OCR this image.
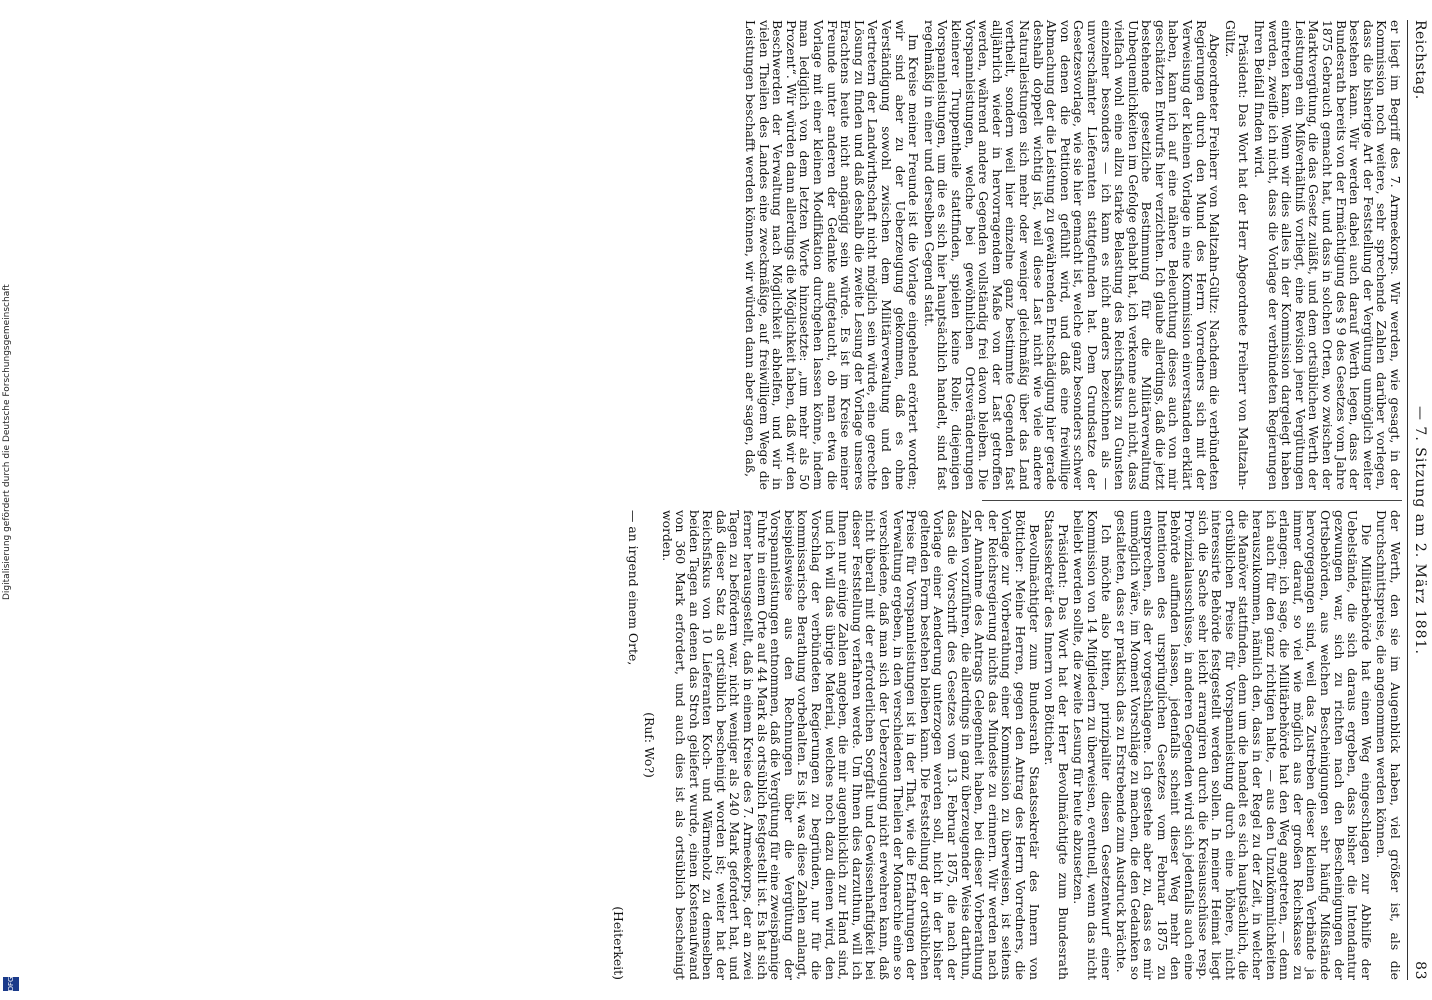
Digitalisierung gefördert durch die Deutsche Forschungsgemeinschaft
DFG
Reichstag.
— 7. Sitzung am 2. März 1881.
83

er liegt im Begriff des 7. Armeekorps. Wir werden, wie gesagt, in der Kommission noch weitere, sehr sprechende Zahlen darüber vorlegen, dass die bisherige Art der Feststellung der Vergütung unmöglich weiter bestehen kann. Wir werden dabei auch darauf Werth legen, dass der Bundesrath bereits von der Ermächtigung des § 9 des Gesetzes vom Jahre 1875 Gebrauch gemacht hat, und dass in solchen Orten, wo zwischen der Marktvergütung, die das Gesetz zuläßt, und dem ortsüblichen Werth der Leistungen ein Mißverhältniß vorliegt, eine Revision jener Vergütungen eintreten kann. Wenn wir dies alles in der Kommission dargelegt haben werden, zweifle ich nicht, dass die Vorlage der verbündeten Regierungen Ihren Beifall finden wird.

Präsident: Das Wort hat der Herr Abgeordnete Freiherr von Maltzahn-Gültz.

Abgeordneter Freiherr von Maltzahn-Gültz: Nachdem die verbündeten Regierungen durch den Mund des Herrn Vorredners sich mit der Verweisung der kleinen Vorlage in eine Kommission einverstanden erklärt haben, kann ich auf eine nähere Beleuchtung dieses auch von mir geschätzten Entwurfs hier verzichten. Ich glaube allerdings, daß die jetzt bestehende gesetzliche Bestimmung für die Militärverwaltung Unbequemlichkeiten im Gefolge gehabt hat, ich verkenne auch nicht, dass vielfach wohl eine allzu starke Belastung des Reichsfiskus zu Gunsten einzelner besonders — ich kann es nicht anders bezeichnen als — unverschämter Lieferanten stattgefunden hat. Dem Grundsatze der Gesetzesvorlage, wie sie hier gemacht ist, welche ganz besonders schwer von denen die Petitionen gefühlt wird, und daß eine freiwillige Abmachung der die Leistung zu gewährenden Entschädigung hier gerade deshalb doppelt wichtig ist, weil diese Last nicht wie viele andere Naturalleistungen sich mehr oder weniger gleichmäßig über das Land vertheilt, sondern weil hier einzelne ganz bestimmte Gegenden fast alljährlich wieder in hervorragendem Maße von der Last getroffen werden, während andere Gegenden vollständig frei davon bleiben. Die Vorspannleistungen, welche bei gewöhnlichen Ortsveränderungen kleinerer Truppentheile stattfinden, spielen keine Rolle; diejenigen Vorspannleistungen, um die es sich hier hauptsächlich handelt, sind fast regelmäßig in einer und derselben Gegend statt.

Im Kreise meiner Freunde ist die Vorlage eingehend erörtert worden; wir sind aber zu der Ueberzeugung gekommen, daß es ohne Verständigung sowohl zwischen dem Militärverwaltung und den Vertretern der Landwirthschaft nicht möglich sein würde, eine gerechte Lösung zu finden und daß deshalb die zweite Lesung der Vorlage unseres Erachtens heute nicht angängig sein würde. Es ist im Kreise meiner Freunde unter anderen der Gedanke aufgetaucht, ob man etwa die Vorlage mit einer kleinen Modifikation durchgehen lassen könne, indem man lediglich von dem letzten Worte hinzusetzte: „um mehr als 50 Prozent“. Wir würden dann allerdings die Möglichkeit haben, daß wir den Beschwerden der Verwaltung nach Möglichkeit abhelfen, und wir in vielen Theilen des Landes eine zweckmäßige, auf freiwilligem Wege die Leistungen beschafft werden können, wir würden dann aber sagen, daß,

der Werth, den sie im Augenblick haben, viel größer ist, als die Durchschnittspreise, die angenommen werden können.

Die Militärbehörde hat einen Weg eingeschlagen zur Abhilfe der Uebelstände, die sich daraus ergeben, dass bisher die Intendantur gezwungen war, sich zu richten nach den Bescheinigungen der Ortsbehörden, aus welchen Bescheinigungen sehr häufig Mißstände hervorgegangen sind, weil das Zustreben dieser kleinen Verbände ja immer darauf, so viel wie möglich aus der großen Reichskasse zu erlangen; ich sage, die Militärbehörde hat den Weg angetreten, — denn ich auch für den ganz richtigen halte, — aus den Unzukömmlichkeiten herauszukommen, nämlich den, dass in der Regel zu der Zeit, in welcher die Manöver stattfinden, denn um die handelt es sich hauptsächlich, die ortsüblichen Preise für Vorspannleistung durch eine höhere, nicht interessirte Behörde festgestellt werden sollen. In meiner Heimat liegt sich die Sache sehr leicht arrangiren durch die Kreisausschüsse resp. Provinzialausschüsse, in anderen Gegenden wird sich jedenfalls auch eine Behörde auffinden lassen, jedenfalls scheint dieser Weg mehr den Intentionen des ursprünglichen Gesetzes vom Februar 1875 zu entsprechen, als der vorgeschlagene. Ich gestehe aber zu, dass es mir unmöglich wäre, im Moment Vorschläge zu machen, die den Gedanken so gestalteten, dass er praktisch das zu Erstrebende zum Ausdruck brächte.

Ich möchte also bitten, prinzipaliter diesen Gesetzentwurf einer Kommission von 14 Mitgliedern zu überweisen, eventuell, wenn das nicht beliebt werden sollte, die zweite Lesung für heute abzusetzen.

Präsident: Das Wort hat der Herr Bevollmächtigte zum Bundesrath Staatssekretär des Innern von Bötticher.

Bevollmächtigter zum Bundesrath Staatssekretär des Innern von Bötticher: Meine Herren, gegen den Antrag des Herrn Vorredners, die Vorlage zur Vorberathung einer Kommission zu überweisen, ist seitens der Reichsregierung nichts das Mindeste zu erinnern. Wir werden nach der Annahme des Antrags Gelegenheit haben, bei dieser Vorberathung Zahlen vorzuführen, die allerdings in ganz überzeugender Weise darthun, dass die Vorschrift des Gesetzes vom 13. Februar 1875, die nach der Vorlage einer Aenderung unterzogen werden soll, nicht in der bisher geltenden Form bestehen bleiben kann. Die Feststellung der ortsüblichen Preise für Vorspannleistungen ist in der That, wie die Erfahrungen der Verwaltung ergeben, in den verschiedenen Theilen der Monarchie eine so verschiedene, daß man sich der Ueberzeugung nicht erwehren kann, daß nicht überall mit der erforderlichen Sorgfalt und Gewissenhaftigkeit bei dieser Feststellung verfahren werde. Um Ihnen dies darzuthun, will ich Ihnen nur einige Zahlen angeben, die mir augenblicklich zur Hand sind, und ich will das übrige Material, welches noch dazu dienen wird, den Vorschlag der verbündeten Regierungen zu begründen, nur für die kommissarische Berathung vorbehalten. Es ist, was diese Zahlen anlangt, beispielsweise aus den Rechnungen über die Vergütung der Vorspannleistungen entnommen, daß die Vergütung für eine zweispännige Fuhre in einem Orte auf 44 Mark als ortsüblich festgestellt ist. Es hat sich ferner herausgestellt, daß in einem Kreise des 7. Armeekorps, der an zwei Tagen zu befördern war, nicht weniger als 240 Mark gefordert hat, und daß dieser Satz als ortsüblich bescheinigt worden ist; weiter hat der Reichsfiskus von 10 Lieferanten Koch- und Wärmeholz zu demselben beiden Tagen an denen das Stroh geliefert wurde, einen Kostenaufwand von 360 Mark erfordert, und auch dies ist als ortsüblich bescheinigt worden.

(Ruf: Wo?)

— an irgend einem Orte,

(Heiterkeit)
